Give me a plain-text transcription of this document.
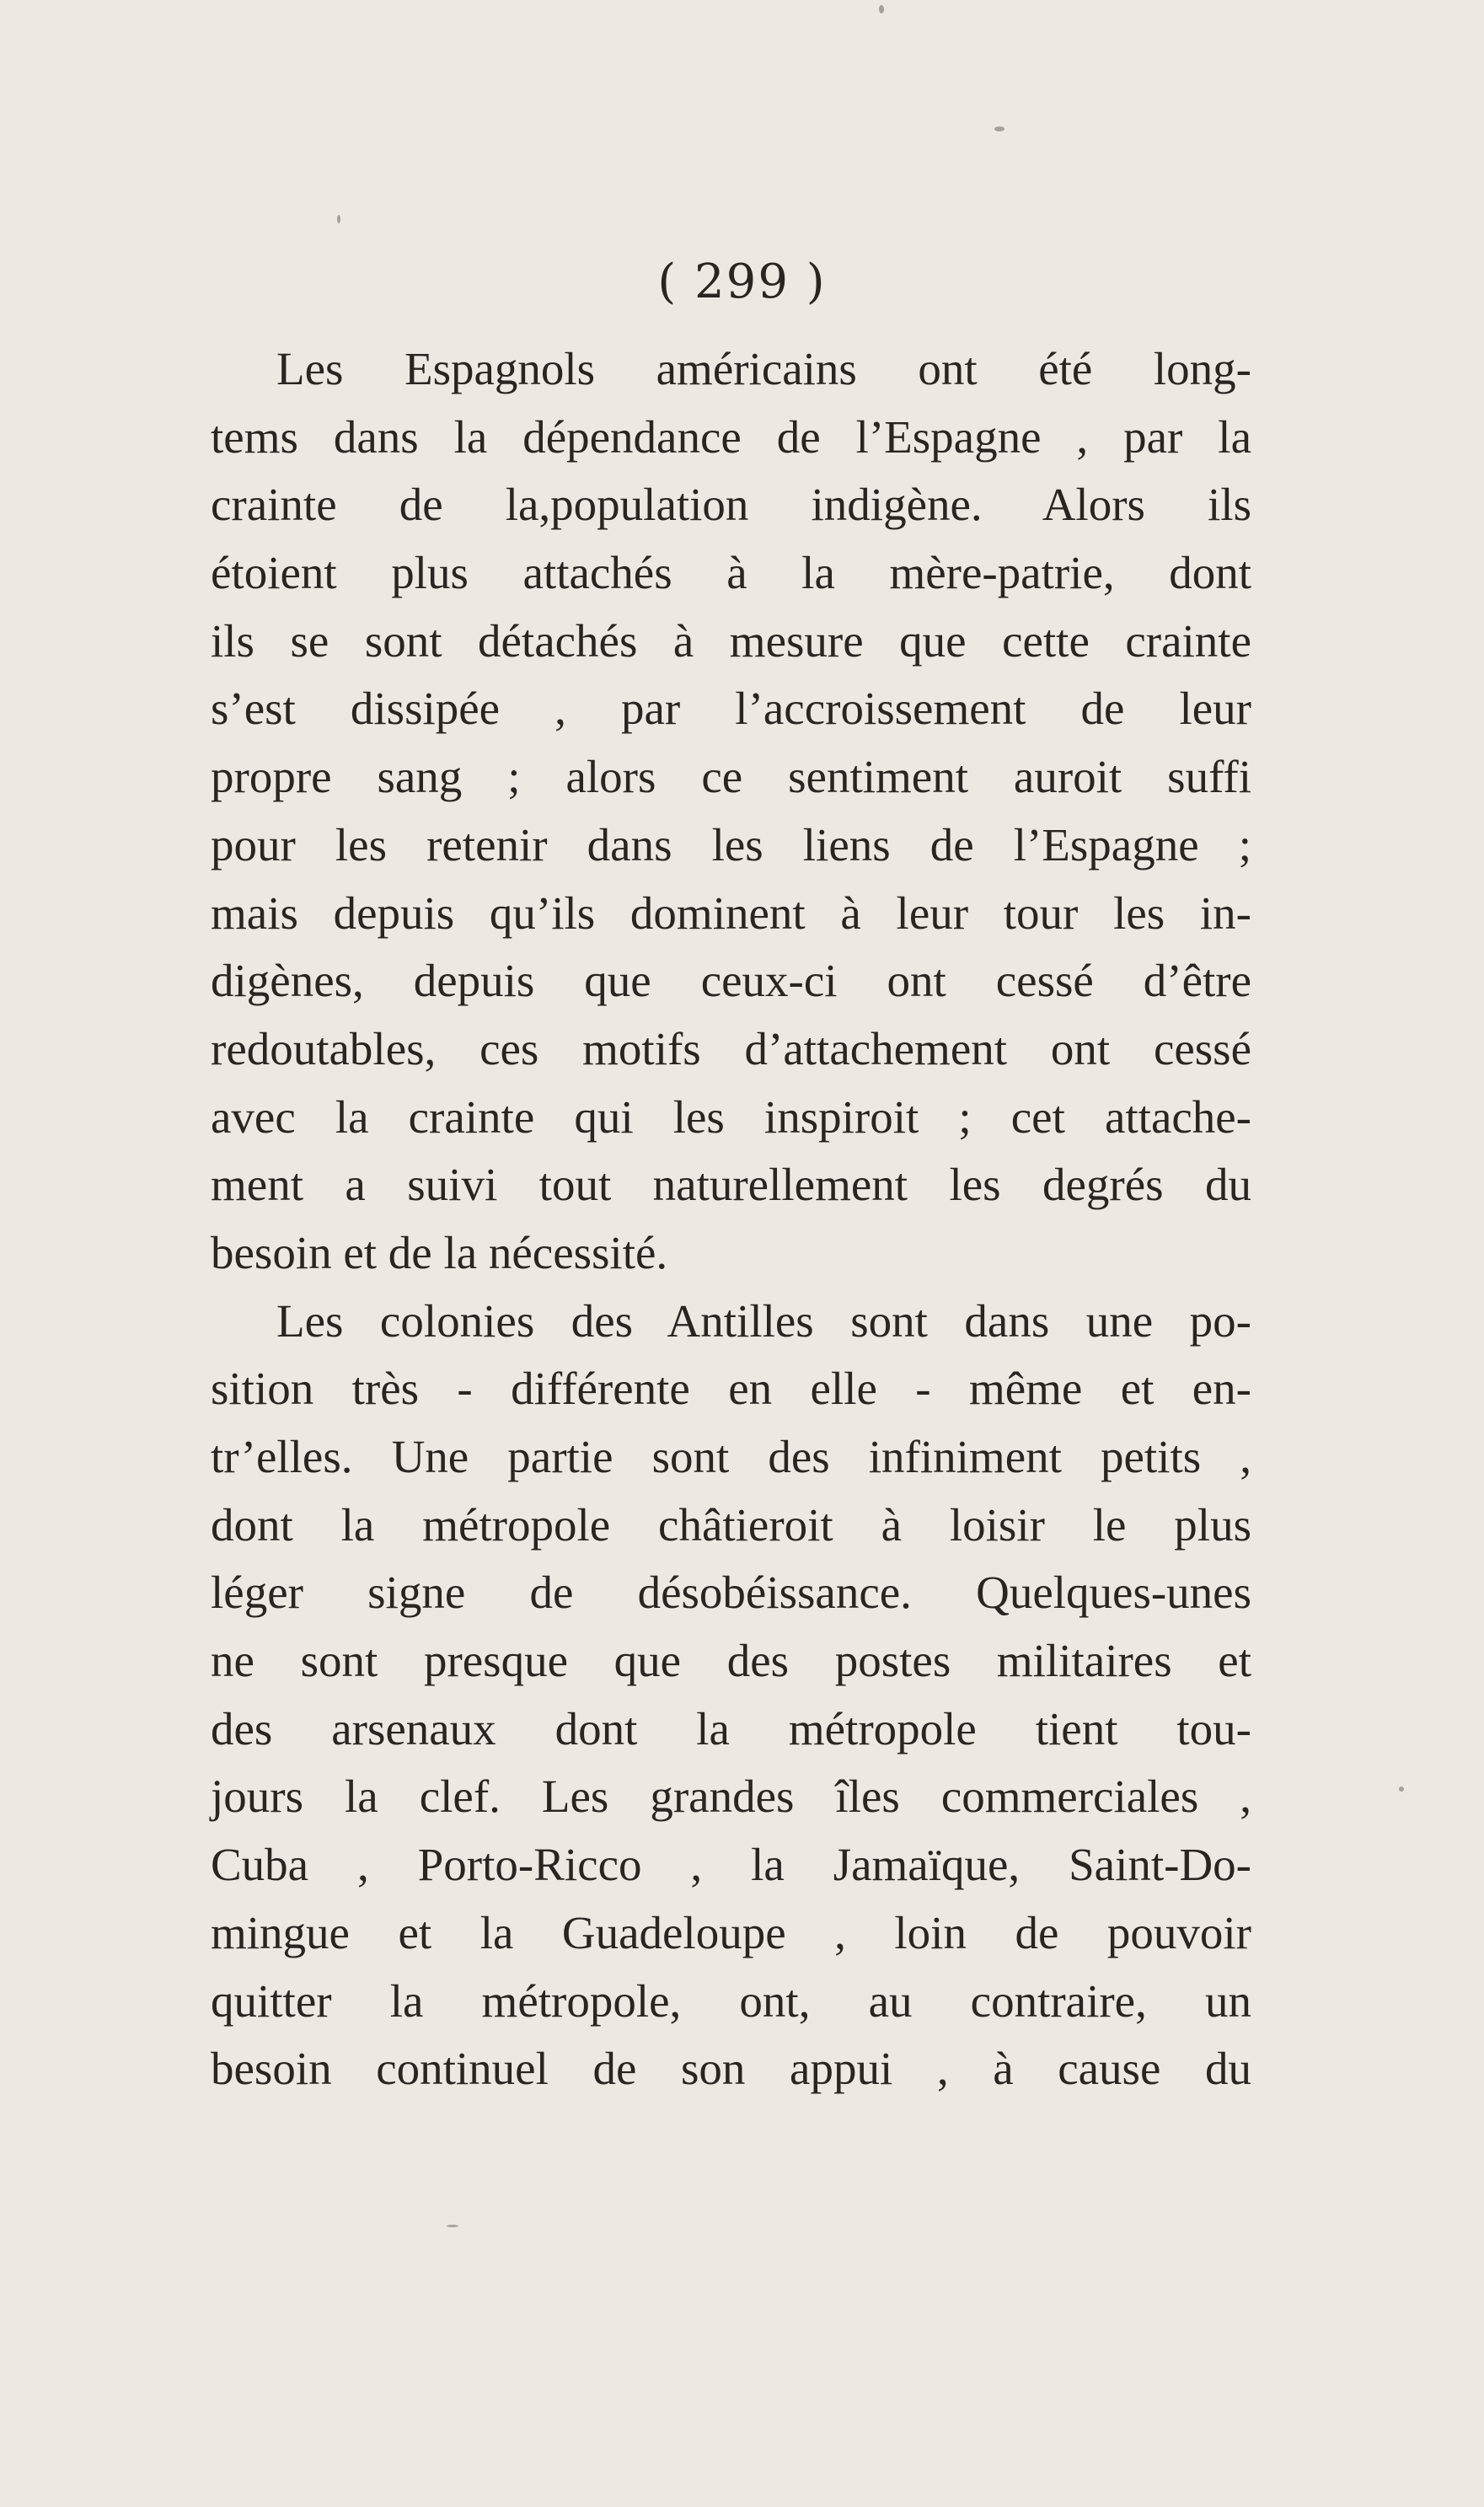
( 299 )
Les Espagnols américains ont été long-
tems dans la dépendance de l’Espagne , par la
crainte de la,population indigène. Alors ils
étoient plus attachés à la mère-patrie, dont
ils se sont détachés à mesure que cette crainte
s’est dissipée , par l’accroissement de leur
propre sang ; alors ce sentiment auroit suffi
pour les retenir dans les liens de l’Espagne ;
mais depuis qu’ils dominent à leur tour les in-
digènes, depuis que ceux-ci ont cessé d’être
redoutables, ces motifs d’attachement ont cessé
avec la crainte qui les inspiroit ; cet attache-
ment a suivi tout naturellement les degrés du
besoin et de la nécessité.
Les colonies des Antilles sont dans une po-
sition très - différente en elle - même et en-
tr’elles. Une partie sont des infiniment petits ,
dont la métropole châtieroit à loisir le plus
léger signe de désobéissance. Quelques-unes
ne sont presque que des postes militaires et
des arsenaux dont la métropole tient tou-
jours la clef. Les grandes îles commerciales ,
Cuba , Porto-Ricco , la Jamaïque, Saint-Do-
mingue et la Guadeloupe , loin de pouvoir
quitter la métropole, ont, au contraire, un
besoin continuel de son appui , à cause du
